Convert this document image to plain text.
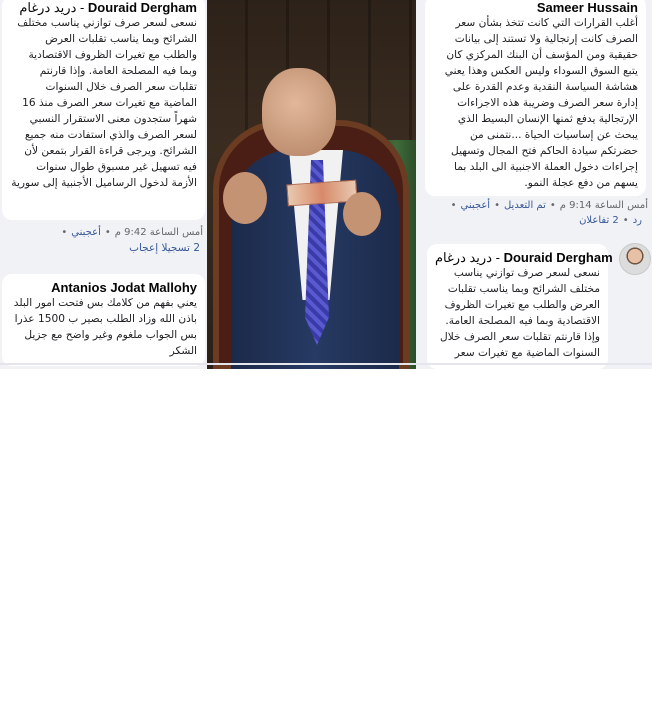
دريد درغام - Douraid Dergham
نسعى لسعر صرف توازني يناسب مختلف الشرائح وبما يناسب تقلبات العرض والطلب مع تغيرات الظروف الاقتصادية وبما فيه المصلحة العامة. وإذا قارنتم تقلبات سعر الصرف خلال السنوات الماضية مع تغيرات سعر الصرف منذ 16 شهراً ستجدون معنى الاستقرار النسبي لسعر الصرف والذي استفادت منه جميع الشرائح. ويرجى قراءة القرار بتمعن لأن فيه تسهيل غير مسبوق طوال سنوات الأزمة لدخول الرساميل الأجنبية إلى سورية
أمس الساعة 9:42 م•أعجبني•
2 تسجيلا إعجاب
Antanios Jodat Mallohy
يعني بفهم من كلامك بس فتحت امور البلد باذن الله وزاد الطلب بصير ب 1500 عذرا بس الجواب ملغوم وغير واضح مع جزيل الشكر
Sameer Hussain
أغلب القرارات التي كانت تتخذ بشأن سعر الصرف كانت إرتجالية ولا تستند إلى بيانات حقيقية ومن المؤسف أن البنك المركزي كان يتبع السوق السوداء وليس العكس وهذا يعني هشاشة السياسة النقدية وعدم القدرة على إدارة سعر الصرف وضريبة هذه الاجراءات الإرتجالية يدفع ثمنها الإنسان البسيط الذي يبحث عن إساسيات الحياة ...نتمنى من حضرتكم سيادة الحاكم فتح المجال وتسهيل إجراءات دخول العملة الاجنبية الى البلد بما يسهم من دفع عجلة النمو.
أمس الساعة 9:14 م•تم التعديل•أعجبني•
رد•2 تفاعلان
دريد درغام - Douraid Dergham
نسعى لسعر صرف توازني يناسب مختلف الشرائح وبما يناسب تقلبات العرض والطلب مع تغيرات الظروف الاقتصادية وبما فيه المصلحة العامة. وإذا قارنتم تقلبات سعر الصرف خلال السنوات الماضية مع تغيرات سعر
